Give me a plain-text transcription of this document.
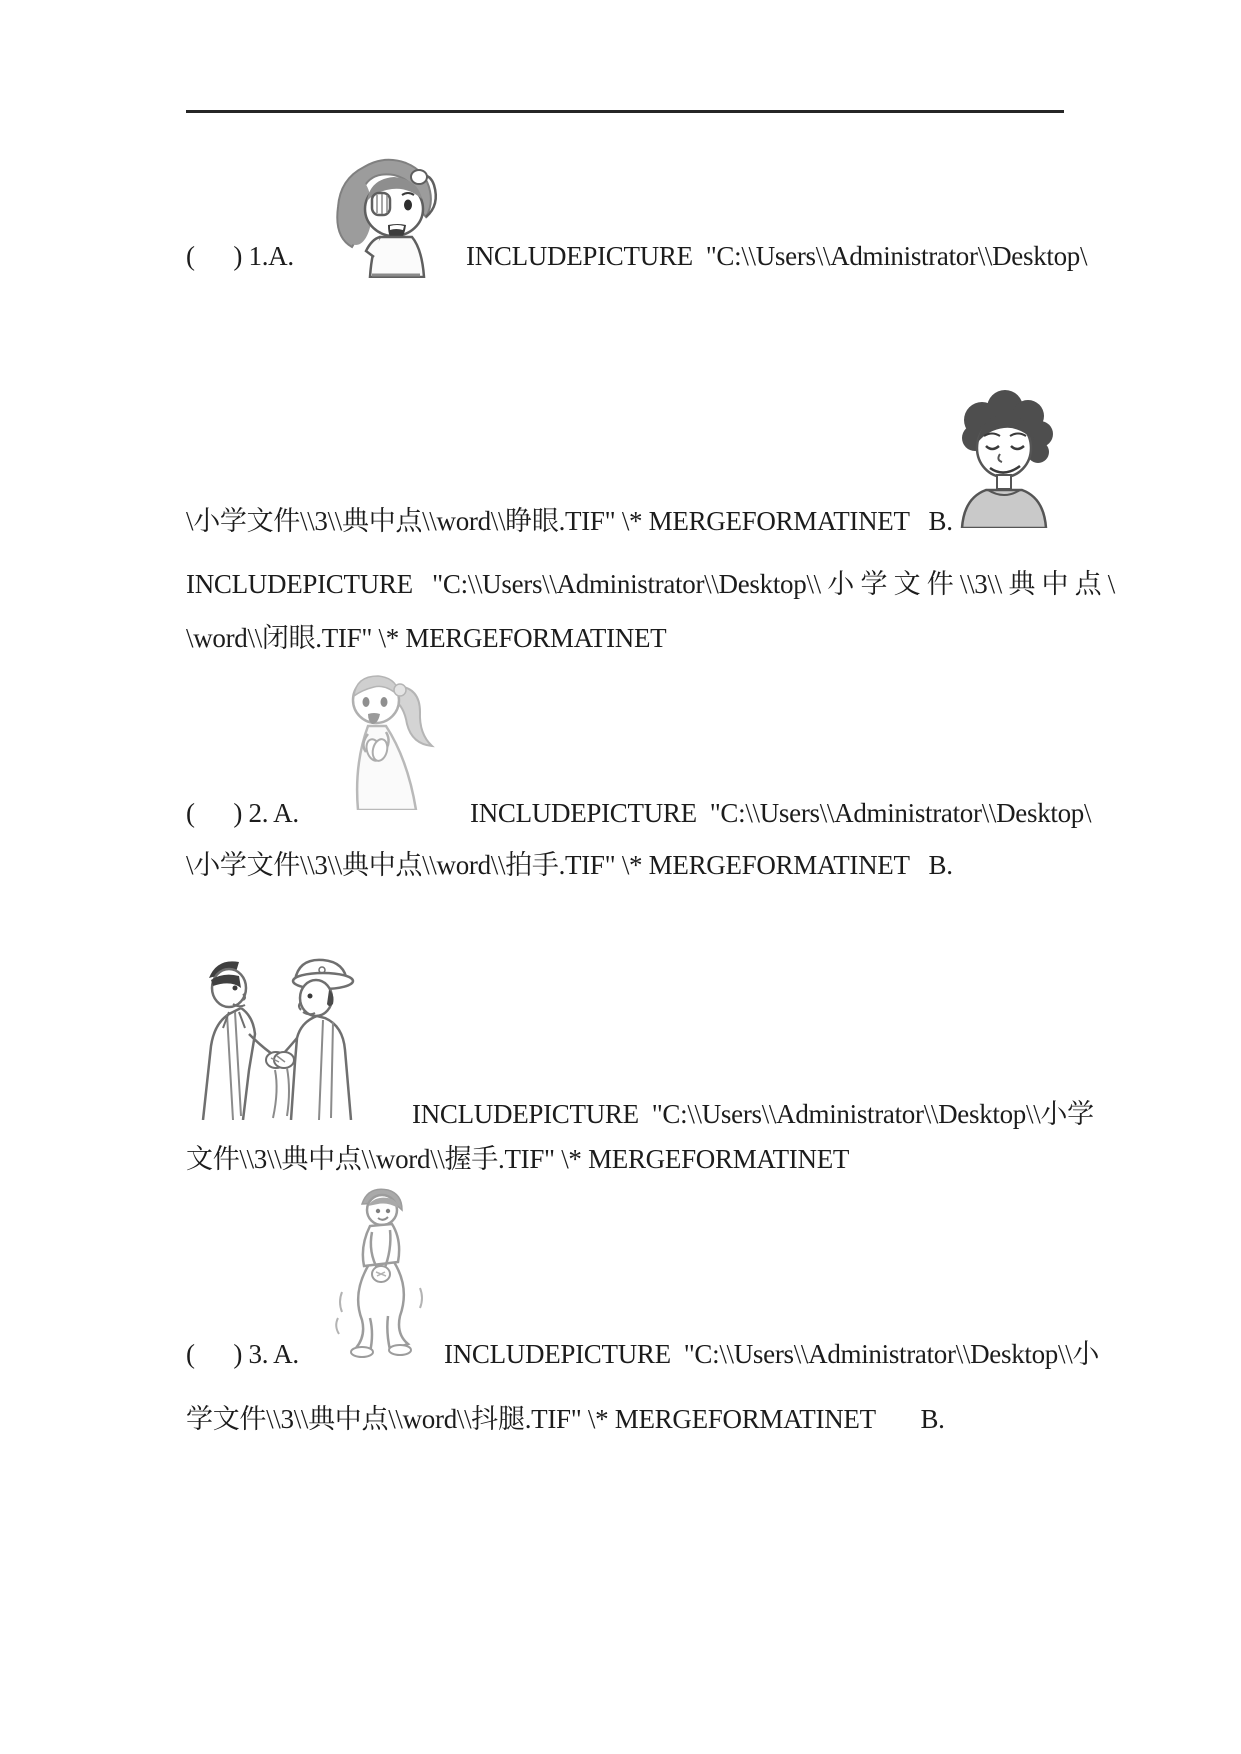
(      ) 1.A.	INCLUDEPICTURE  "C:\\Users\\Administrator\\Desktop\
\小学文件\\3\\典中点\\word\\睁眼.TIF" \* MERGEFORMATINET   B.
INCLUDEPICTURE   "C:\\Users\\Administrator\\Desktop\\ 小 学 文 件 \\3\\ 典 中 点 \
\word\\闭眼.TIF" \* MERGEFORMATINET
(      ) 2. A.	INCLUDEPICTURE  "C:\\Users\\Administrator\\Desktop\
\小学文件\\3\\典中点\\word\\拍手.TIF" \* MERGEFORMATINET   B.
INCLUDEPICTURE  "C:\\Users\\Administrator\\Desktop\\小学
文件\\3\\典中点\\word\\握手.TIF" \* MERGEFORMATINET
(      ) 3. A.	INCLUDEPICTURE  "C:\\Users\\Administrator\\Desktop\\小
学文件\\3\\典中点\\word\\抖腿.TIF" \* MERGEFORMATINET       B.
